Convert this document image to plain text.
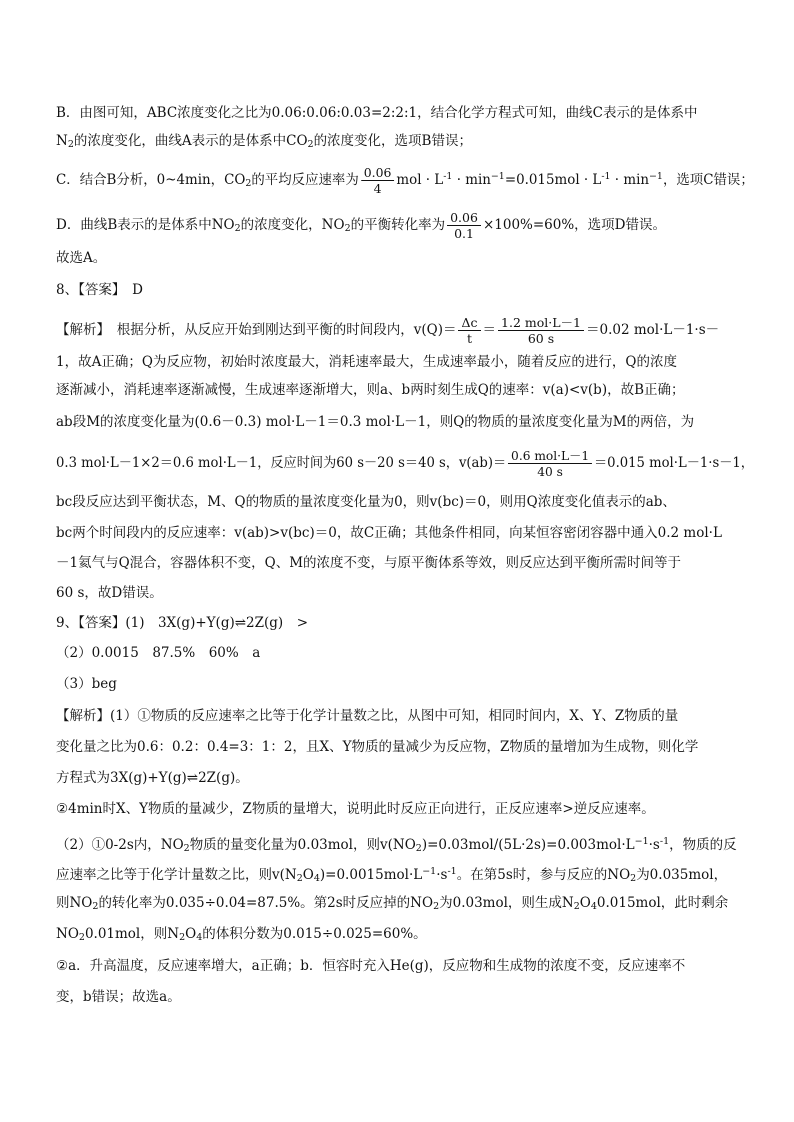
B．由图可知，ABC浓度变化之比为0.06:0.06:0.03=2:2:1，结合化学方程式可知，曲线C表示的是体系中
$N_2$的浓度变化，曲线A表示的是体系中$CO_2$的浓度变化，选项B错误；
C．结合B分析，0~4min，$CO_2$的平均反应速率为 $\frac{0.06}{4}$ mol · $L^{-1} \cdot \min^{-1}=0.015mol \cdot L^{-1} \cdot \min^{-1}$，选项C错误；
D．曲线B表示的是体系中$NO_2$的浓度变化，$NO_2$的平衡转化率为 $\frac{0.06}{0.1} \times 100\%=60\%$，选项D错误。
故选A。
8、【答案】　D
【解析】　根据分析，从反应开始到刚达到平衡的时间段内，$v(Q)= \frac{\Delta c}{t} = \frac{\text{1.2 mol·L－1}}{60 s} =0.02$ mol·L－1·s－
1，故A正确；Q为反应物，初始时浓度最大，消耗速率最大，生成速率最小，随着反应的进行，Q的浓度
逐渐减小，消耗速率逐渐减慢，生成速率逐渐增大，则a、b两时刻生成Q的速率：v(a)<v(b)，故B正确；
ab段M的浓度变化量为(0.6－0.3) mol·L－1＝0.3 mol·L－1，则Q的物质的量浓度变化量为M的两倍，为
0.3 mol·L－1×2＝0.6 mol·L－1，反应时间为60 s－20 s＝40 s，$v(ab)= \frac{\text{0.6 mol·L－1}}{40 s} =0.015$ mol·L－1·s－1，
bc段反应达到平衡状态，M、Q的物质的量浓度变化量为0，则v(bc)＝0，则用Q浓度变化值表示的ab、
bc两个时间段内的反应速率：v(ab)>v(bc)＝0，故C正确；其他条件相同，向某恒容密闭容器中通入0.2 mol·L
－1氦气与Q混合，容器体积不变，Q、M的浓度不变，与原平衡体系等效，则反应达到平衡所需时间等于
60 s，故D错误。
9、【答案】(1)　3X(g)+Y(g)⇌2Z(g)　>
（2）0.0015　87.5%　60%　a
（3）beg
【解析】(1）①物质的反应速率之比等于化学计量数之比，从图中可知，相同时间内，X、Y、Z物质的量
变化量之比为0.6：0.2：0.4=3：1：2，且X、Y物质的量减少为反应物，Z物质的量增加为生成物，则化学
方程式为3X(g)+Y(g)⇌2Z(g)。
②4min时X、Y物质的量减少，Z物质的量增大，说明此时反应正向进行，正反应速率>逆反应速率。
（2）①0-2s内，$NO_2$物质的量变化量为0.03mol，则$v(NO_2)=0.03mol/(5L\cdot 2s)=0.003mol\cdot L^{-1}\cdot s^{-1}$，物质的反
应速率之比等于化学计量数之比，则$v(N_2O_4)=0.0015mol\cdot L^{-1}\cdot s^{-1}$。在第5s时，参与反应的$NO_2$为0.035mol，
则$NO_2$的转化率为0.035÷0.04=87.5%。第2s时反应掉的$NO_2$为0.03mol，则生成$N_2O_40.015mol$，此时剩余
$NO_20.01mol$，则$N_2O_4$的体积分数为0.015÷0.025=60%。
②a．升高温度，反应速率增大，a正确；b．恒容时充入He(g)，反应物和生成物的浓度不变，反应速率不
变，b错误；故选a。
